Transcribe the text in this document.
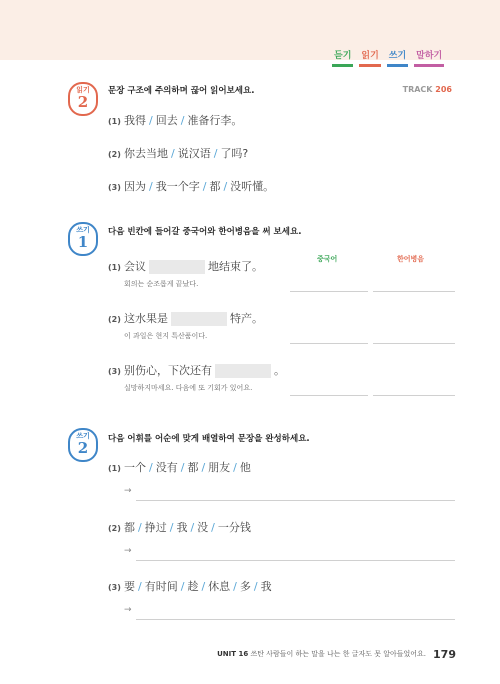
듣기	읽기	쓰기	말하기
읽기
2
문장 구조에 주의하며 끊어 읽어보세요.	TRACK 206
(1) 我得 / 回去 / 准备行李。
(2) 你去当地 / 说汉语 / 了吗?
(3) 因为 / 我一个字 / 都 / 没听懂。
쓰기
1
다음 빈칸에 들어갈 중국어와 한어병음을 써 보세요.
중국어	한어병음
(1) 会议	地结束了。
회의는 순조롭게 끝났다.
(2) 这水果是	特产。
이 과일은 현지 특산품이다.
(3) 别伤心，下次还有	。
실망하지마세요. 다음에 또 기회가 있어요.
쓰기
2	다음 어휘를 어순에 맞게 배열하여 문장을 완성하세요.
(1) 一个 / 没有 / 都 / 朋友 / 他
→
(2) 都 / 挣过 / 我 / 没 / 一分钱
→
(3) 要 / 有时间 / 趁 / 休息 / 多 / 我
→
UNIT 16 쓰탄 사람들이 하는 말을 나는 한 글자도 못 알아들었어요. 179
